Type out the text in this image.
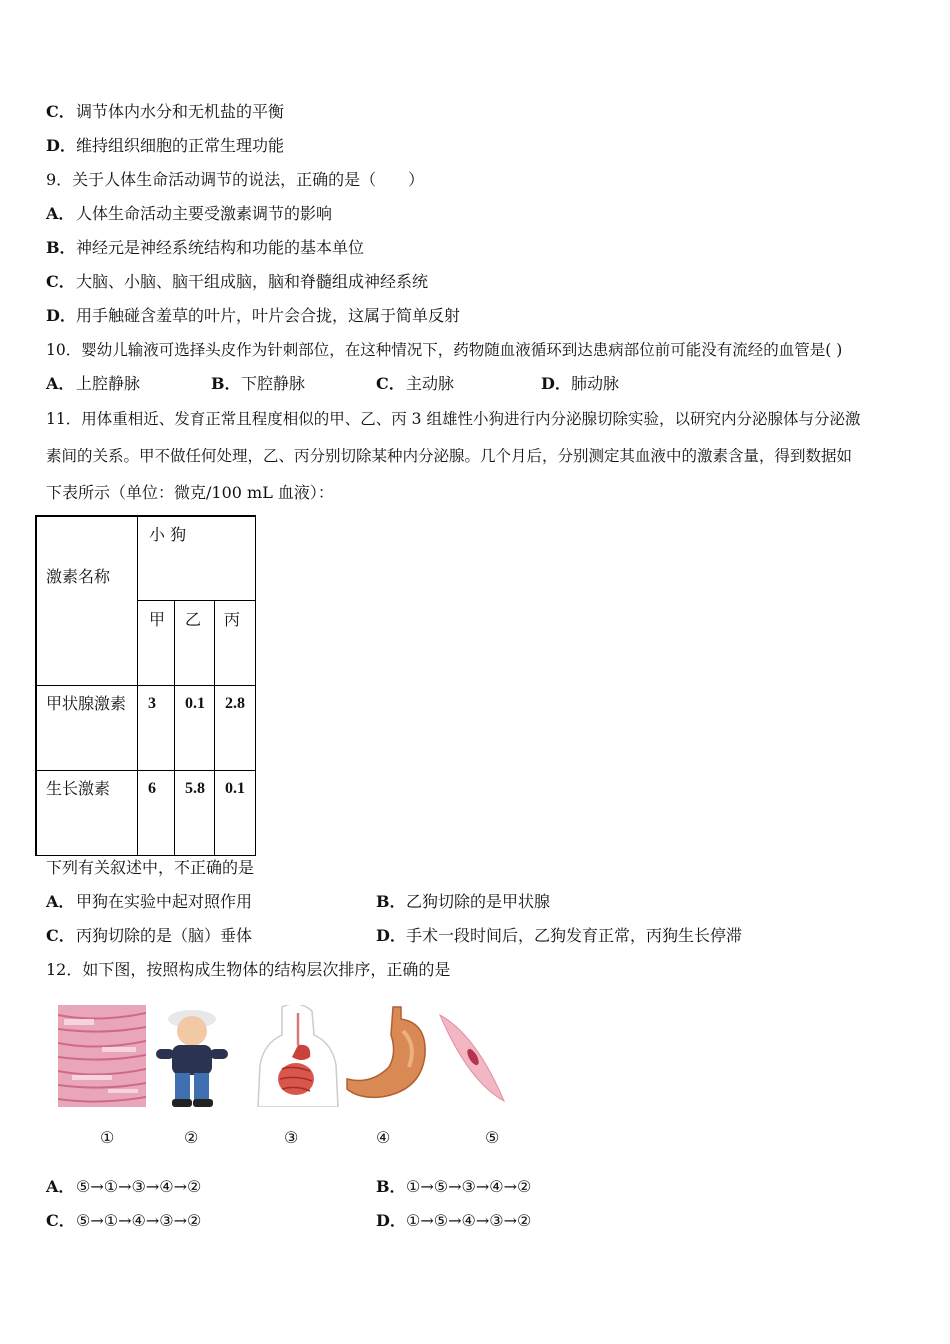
C．调节体内水分和无机盐的平衡
D．维持组织细胞的正常生理功能
9．关于人体生命活动调节的说法，正确的是（　　）
A．人体生命活动主要受激素调节的影响
B．神经元是神经系统结构和功能的基本单位
C．大脑、小脑、脑干组成脑，脑和脊髓组成神经系统
D．用手触碰含羞草的叶片，叶片会合拢，这属于简单反射
10．婴幼儿输液可选择头皮作为针刺部位，在这种情况下，药物随血液循环到达患病部位前可能没有流经的血管是( )
A．上腔静脉	B．下腔静脉	C．主动脉	D．肺动脉
11．用体重相近、发育正常且程度相似的甲、乙、丙 3 组雄性小狗进行内分泌腺切除实验，以研究内分泌腺体与分泌激
素间的关系。甲不做任何处理，乙、丙分别切除某种内分泌腺。几个月后，分别测定其血液中的激素含量，得到数据如
下表所示（单位：微克/100 mL 血液）：
小 狗
激素名称
甲 乙 丙
甲状腺激素 3 0.1 2.8
生长激素 6 5.8 0.1
下列有关叙述中，不正确的是
A．甲狗在实验中起对照作用	B．乙狗切除的是甲状腺
C．丙狗切除的是（脑）垂体	D．手术一段时间后，乙狗发育正常，丙狗生长停滞
12．如下图，按照构成生物体的结构层次排序，正确的是
①	②	③	④	⑤
A．⑤→①→③→④→②	B．①→⑤→③→④→②
C．⑤→①→④→③→②	D．①→⑤→④→③→②
